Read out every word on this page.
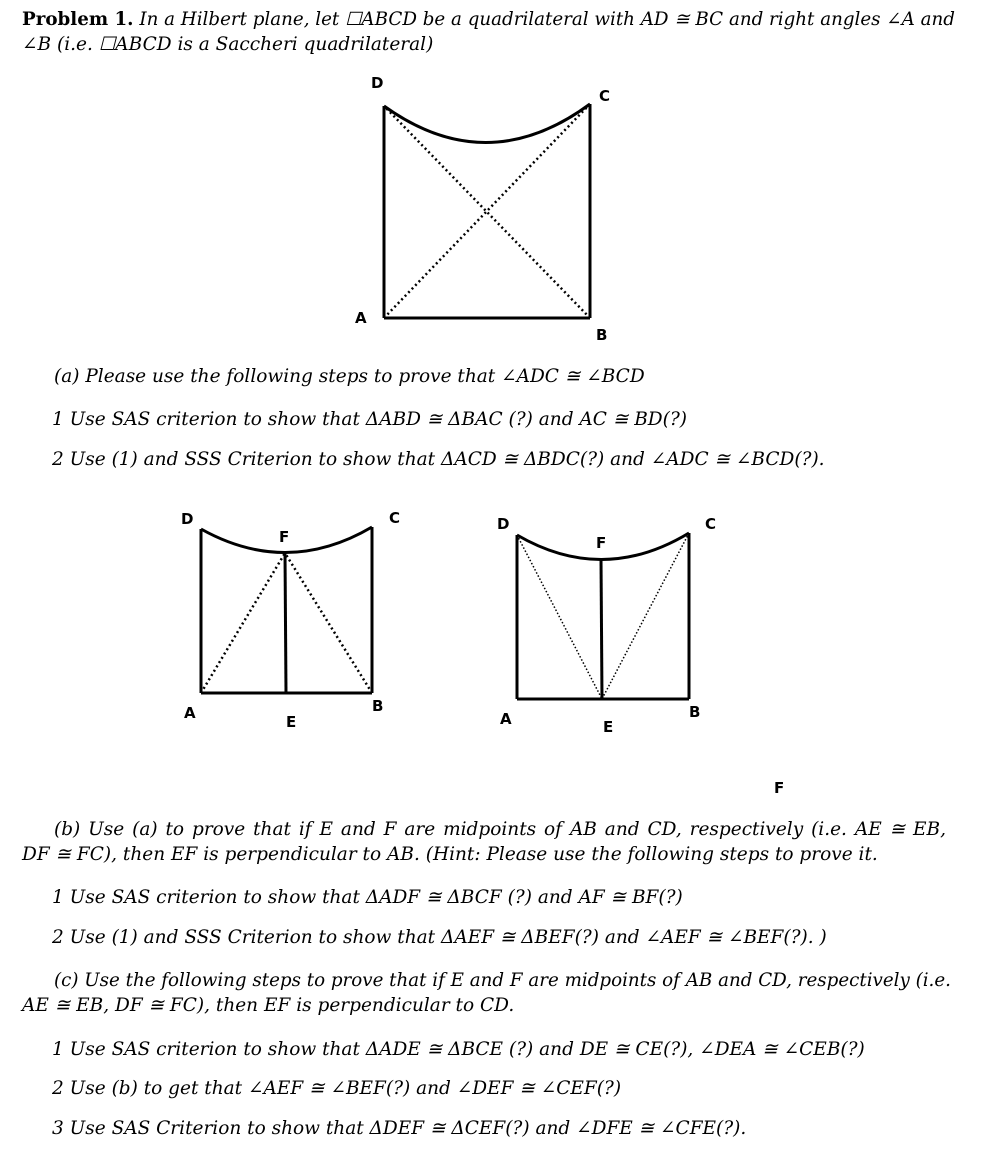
Problem 1. In a Hilbert plane, let ☐ABCD be a quadrilateral with AD ≅ BC and right angles ∠A and
∠B (i.e. ☐ABCD is a Saccheri quadrilateral)
D
C
A
B
(a) Please use the following steps to prove that ∠ADC ≅ ∠BCD
1 Use SAS criterion to show that ΔABD ≅ ΔBAC (?) and AC ≅ BD(?)
2 Use (1) and SSS Criterion to show that ΔACD ≅ ΔBDC(?) and ∠ADC ≅ ∠BCD(?).
D	C
F
A	E
B
D	C
F
A	E
B
F
(b) Use (a) to prove that if E and F are midpoints of AB and CD, respectively (i.e. AE ≅ EB,
DF ≅ FC), then EF is perpendicular to AB. (Hint: Please use the following steps to prove it.
1 Use SAS criterion to show that ΔADF ≅ ΔBCF (?) and AF ≅ BF(?)
2 Use (1) and SSS Criterion to show that ΔAEF ≅ ΔBEF(?) and ∠AEF ≅ ∠BEF(?). )
(c) Use the following steps to prove that if E and F are midpoints of AB and CD, respectively (i.e.
AE ≅ EB, DF ≅ FC), then EF is perpendicular to CD.
1 Use SAS criterion to show that ΔADE ≅ ΔBCE (?) and DE ≅ CE(?), ∠DEA ≅ ∠CEB(?)
2 Use (b) to get that ∠AEF ≅ ∠BEF(?) and ∠DEF ≅ ∠CEF(?)
3 Use SAS Criterion to show that ΔDEF ≅ ΔCEF(?) and ∠DFE ≅ ∠CFE(?).
